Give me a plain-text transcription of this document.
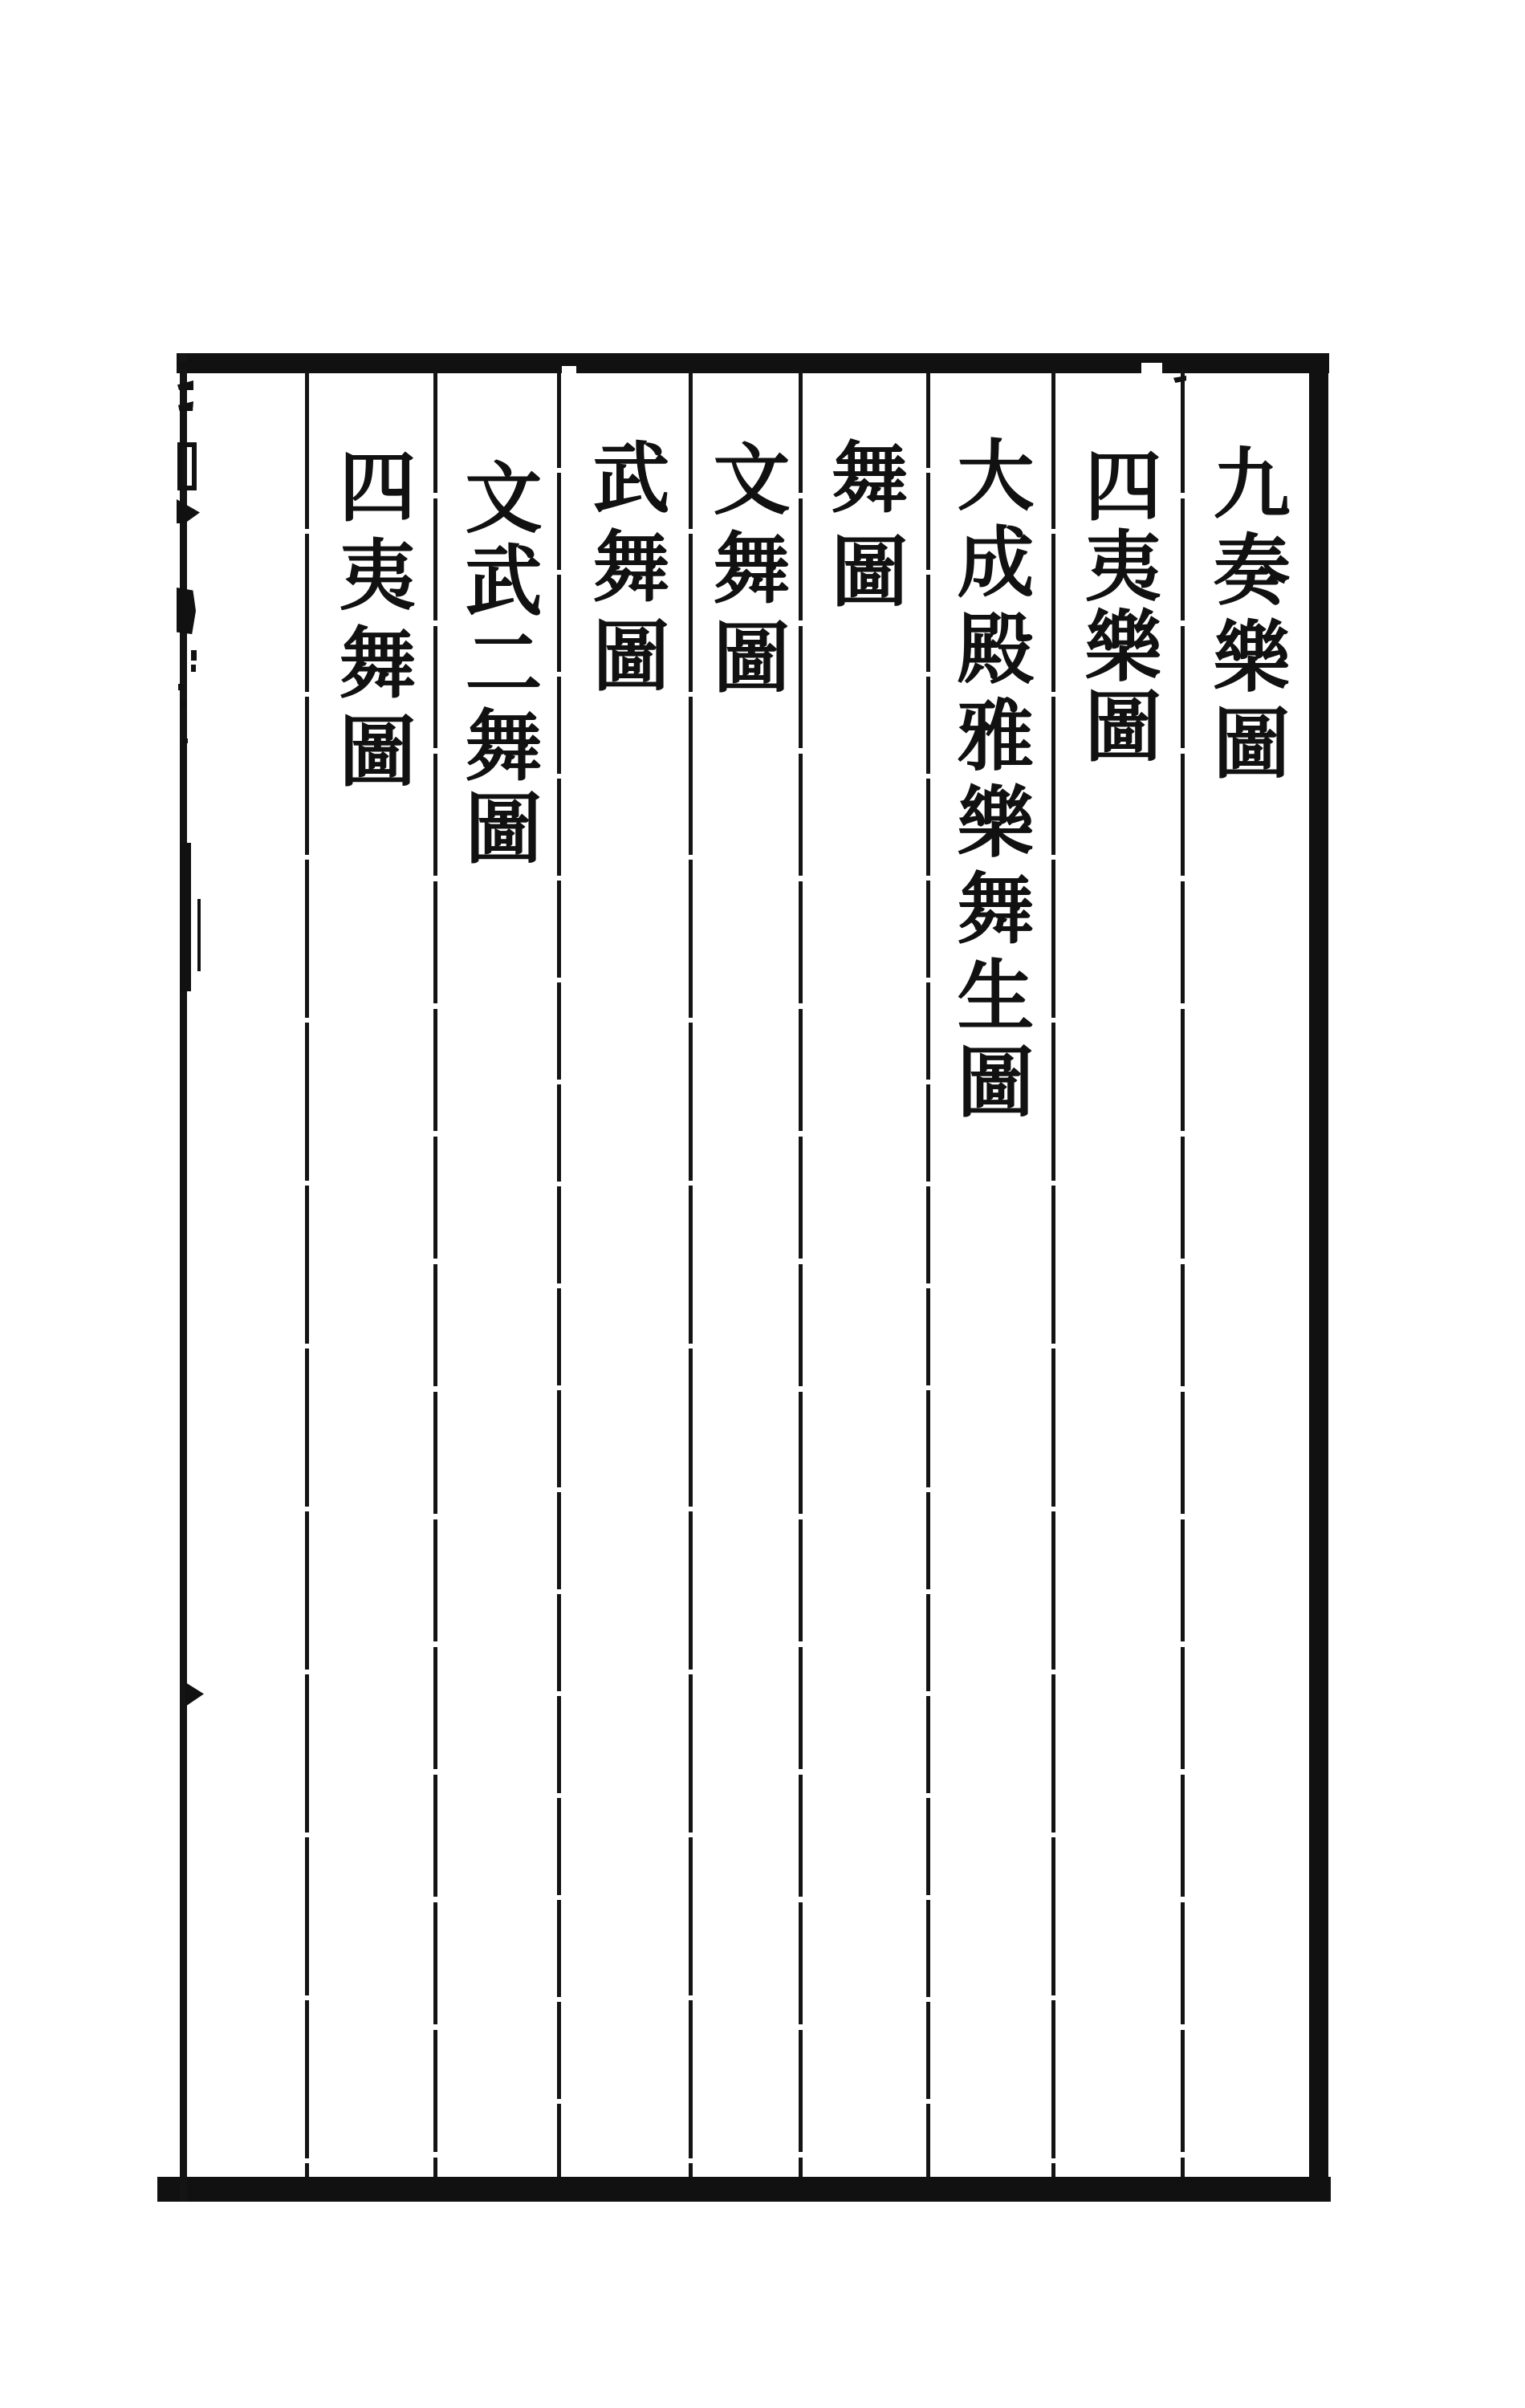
九奏樂圖
四夷樂圖
大成殿雅樂舞生圖
舞圖
文舞圖
武舞圖
文武二舞圖
四夷舞圖
